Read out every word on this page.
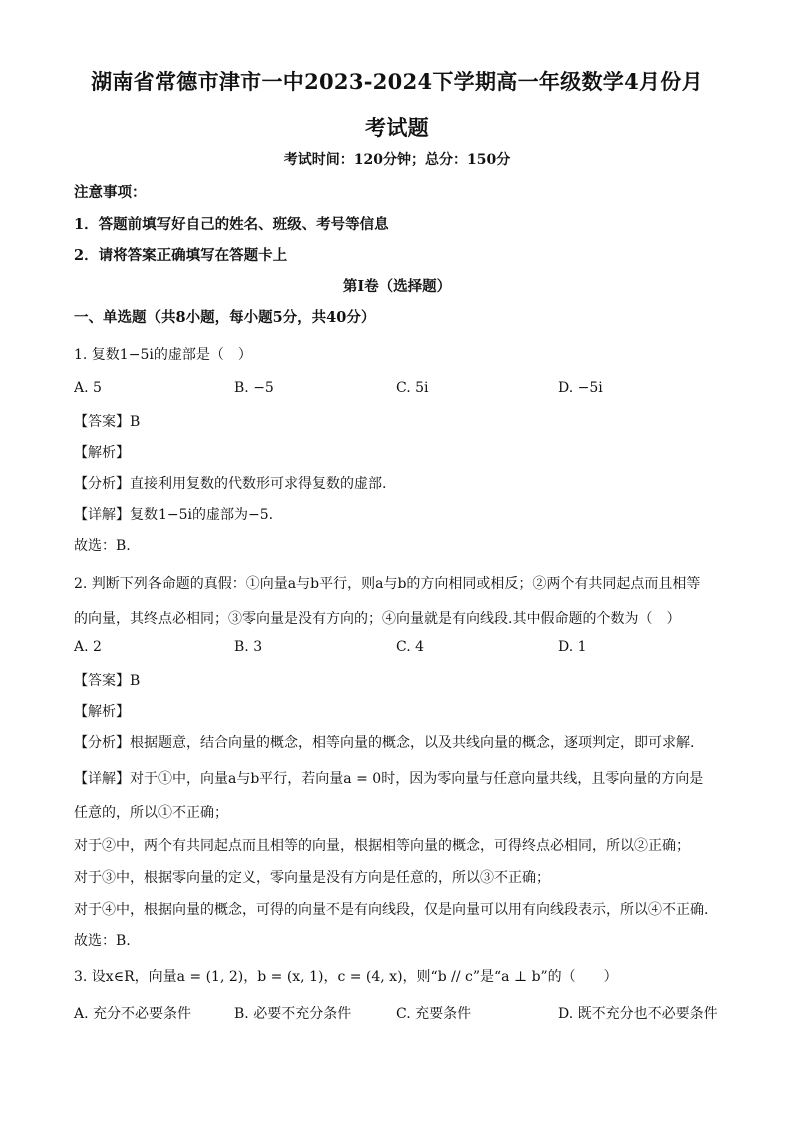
湖南省常德市津市一中2023-2024下学期高一年级数学4月份月
考试题
考试时间：120分钟；总分：150分
注意事项：
1．答题前填写好自己的姓名、班级、考号等信息
2．请将答案正确填写在答题卡上
第I卷（选择题）
一、单选题（共8小题，每小题5分，共40分）
1. 复数1−5i的虚部是（　）
A. 5	B. −5	C. 5i	D. −5i
【答案】B
【解析】
【分析】直接利用复数的代数形可求得复数的虚部.
【详解】复数1−5i的虚部为−5.
故选：B.
2. 判断下列各命题的真假：①向量a与b平行，则a与b的方向相同或相反；②两个有共同起点而且相等
的向量，其终点必相同；③零向量是没有方向的；④向量就是有向线段.其中假命题的个数为（　）
A. 2	B. 3	C. 4	D. 1
【答案】B
【解析】
【分析】根据题意，结合向量的概念，相等向量的概念，以及共线向量的概念，逐项判定，即可求解.
【详解】对于①中，向量a与b平行，若向量a = 0时，因为零向量与任意向量共线，且零向量的方向是
任意的，所以①不正确；
对于②中，两个有共同起点而且相等的向量，根据相等向量的概念，可得终点必相同，所以②正确；
对于③中，根据零向量的定义，零向量是没有方向是任意的，所以③不正确；
对于④中，根据向量的概念，可得的向量不是有向线段，仅是向量可以用有向线段表示，所以④不正确.
故选：B.
3. 设x∈R，向量a = (1, 2)，b = (x, 1)，c = (4, x)，则“b // c”是“a ⊥ b”的（　　）
A. 充分不必要条件	B. 必要不充分条件	C. 充要条件	D. 既不充分也不必要条件
